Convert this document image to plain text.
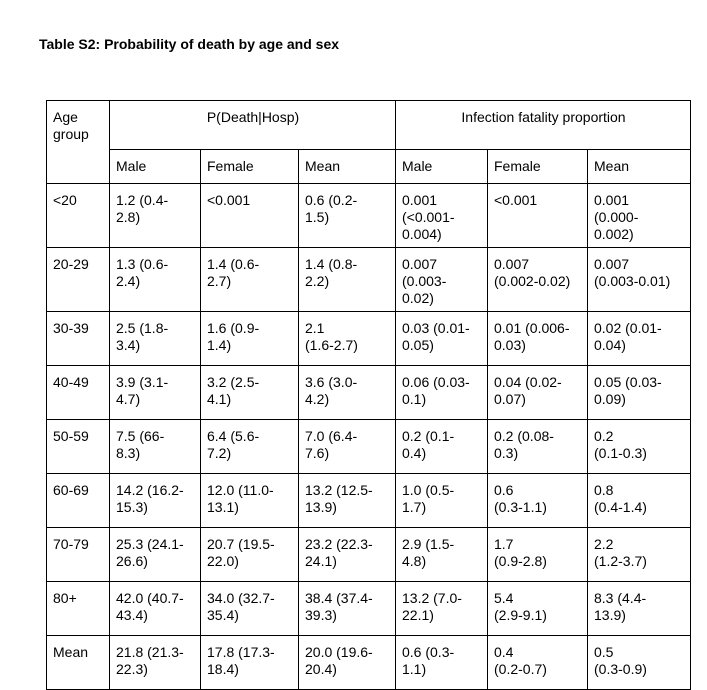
Table S2: Probability of death by age and sex
Age
group	P(Death|Hosp)			Infection fatality proportion		
	Male	Female	Mean	Male	Female	Mean
<20	1.2 (0.4-
2.8)	<0.001	0.6 (0.2-
1.5)	0.001
(<0.001-
0.004)	<0.001	0.001
(0.000-
0.002)
20-29	1.3 (0.6-
2.4)	1.4 (0.6-
2.7)	1.4 (0.8-
2.2)	0.007
(0.003-
0.02)	0.007
(0.002-0.02)	0.007
(0.003-0.01)
30-39	2.5 (1.8-
3.4)	1.6 (0.9-
1.4)	2.1
(1.6-2.7)	0.03 (0.01-
0.05)	0.01 (0.006-
0.03)	0.02 (0.01-
0.04)
40-49	3.9 (3.1-
4.7)	3.2 (2.5-
4.1)	3.6 (3.0-
4.2)	0.06 (0.03-
0.1)	0.04 (0.02-
0.07)	0.05 (0.03-
0.09)
50-59	7.5 (66-
8.3)	6.4 (5.6-
7.2)	7.0 (6.4-
7.6)	0.2 (0.1-
0.4)	0.2 (0.08-
0.3)	0.2
(0.1-0.3)
60-69	14.2 (16.2-
15.3)	12.0 (11.0-
13.1)	13.2 (12.5-
13.9)	1.0 (0.5-
1.7)	0.6
(0.3-1.1)	0.8
(0.4-1.4)
70-79	25.3 (24.1-
26.6)	20.7 (19.5-
22.0)	23.2 (22.3-
24.1)	2.9 (1.5-
4.8)	1.7
(0.9-2.8)	2.2
(1.2-3.7)
80+	42.0 (40.7-
43.4)	34.0 (32.7-
35.4)	38.4 (37.4-
39.3)	13.2 (7.0-
22.1)	5.4
(2.9-9.1)	8.3 (4.4-
13.9)
Mean	21.8 (21.3-
22.3)	17.8 (17.3-
18.4)	20.0 (19.6-
20.4)	0.6 (0.3-
1.1)	0.4
(0.2-0.7)	0.5
(0.3-0.9)
